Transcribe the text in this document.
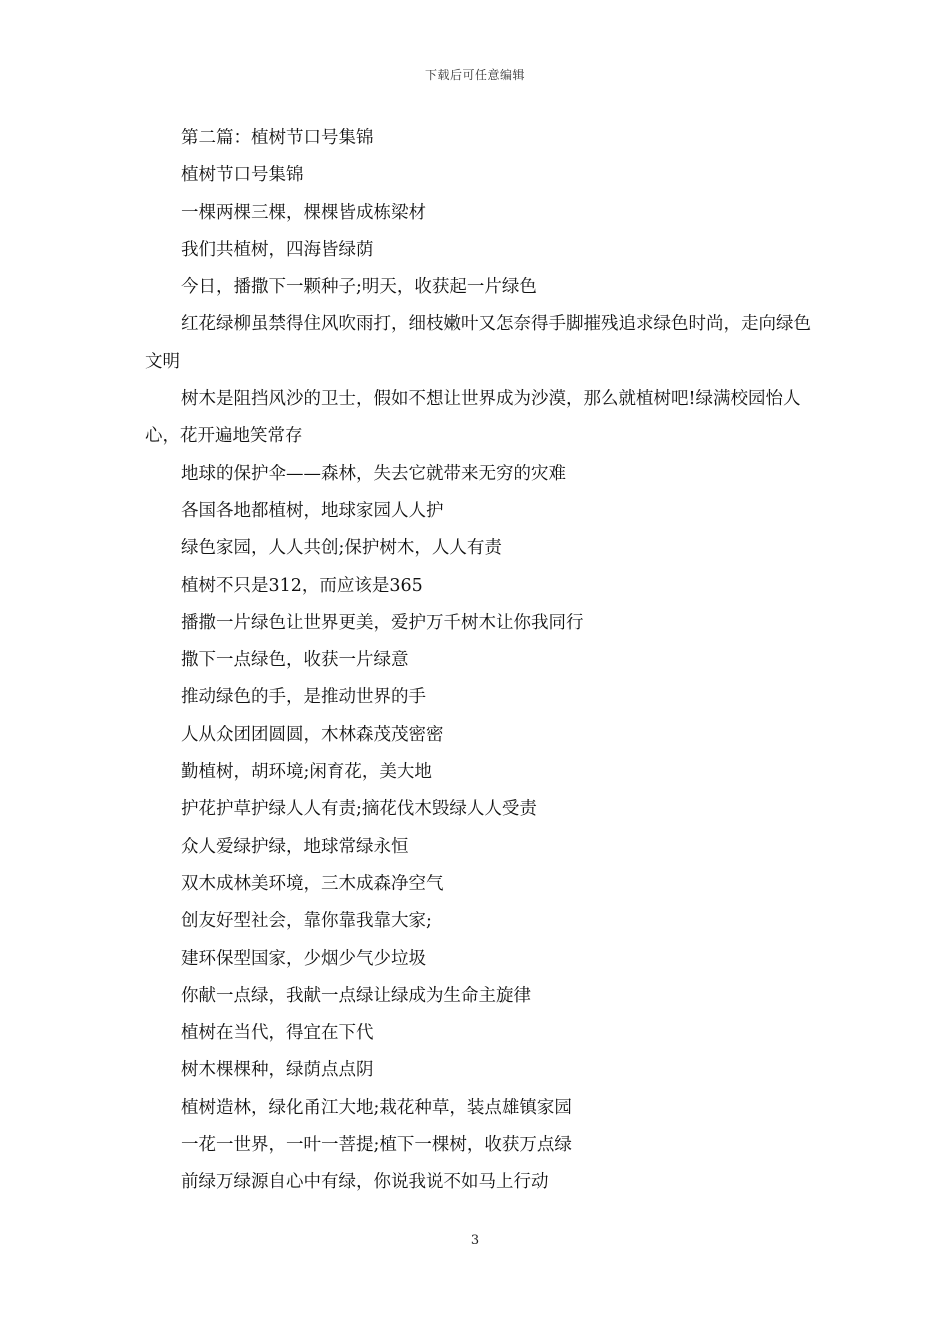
下载后可任意编辑

第二篇：植树节口号集锦

植树节口号集锦

一棵两棵三棵，棵棵皆成栋梁材

我们共植树，四海皆绿荫

今日，播撒下一颗种子;明天，收获起一片绿色

红花绿柳虽禁得住风吹雨打，细枝嫩叶又怎奈得手脚摧残追求绿色时尚，走向绿色文明

树木是阻挡风沙的卫士，假如不想让世界成为沙漠，那么就植树吧!绿满校园怡人心，花开遍地笑常存

地球的保护伞——森林，失去它就带来无穷的灾难

各国各地都植树，地球家园人人护

绿色家园，人人共创;保护树木，人人有责

植树不只是312，而应该是365

播撒一片绿色让世界更美，爱护万千树木让你我同行

撒下一点绿色，收获一片绿意

推动绿色的手，是推动世界的手

人从众团团圆圆，木林森茂茂密密

勤植树，胡环境;闲育花，美大地

护花护草护绿人人有责;摘花伐木毁绿人人受责

众人爱绿护绿，地球常绿永恒

双木成林美环境，三木成森净空气

创友好型社会，靠你靠我靠大家;

建环保型国家，少烟少气少垃圾

你献一点绿，我献一点绿让绿成为生命主旋律

植树在当代，得宜在下代

树木棵棵种，绿荫点点阴

植树造林，绿化甬江大地;栽花种草，装点雄镇家园

一花一世界，一叶一菩提;植下一棵树，收获万点绿

前绿万绿源自心中有绿，你说我说不如马上行动

3
